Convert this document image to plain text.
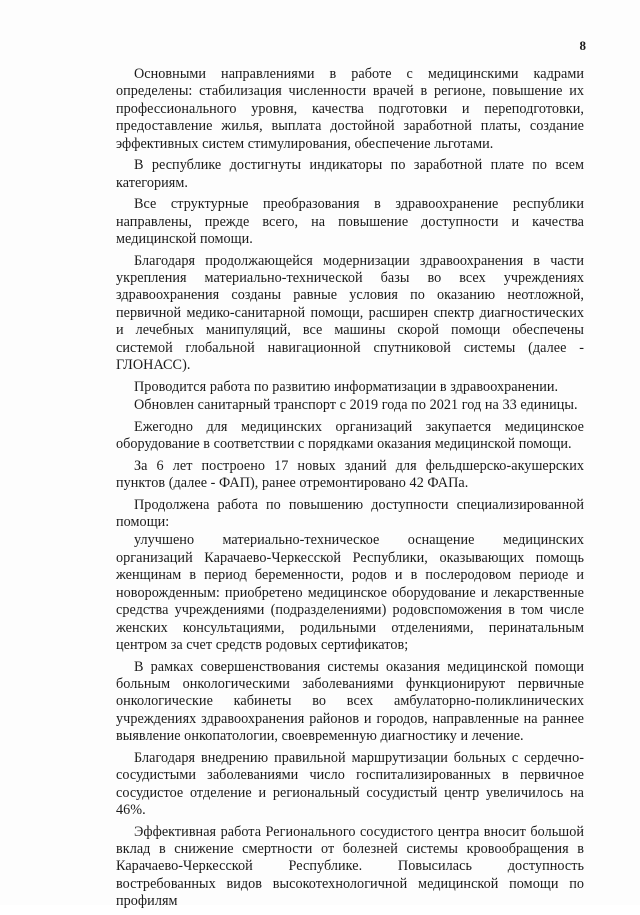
8

Основными направлениями в работе с медицинскими кадрами определены: стабилизация численности врачей в регионе, повышение их профессионального уровня, качества подготовки и переподготовки, предоставление жилья, выплата достойной заработной платы, создание эффективных систем стимулирования, обеспечение льготами.

В республике достигнуты индикаторы по заработной плате по всем категориям.

Все структурные преобразования в здравоохранение республики направлены, прежде всего, на повышение доступности и качества медицинской помощи.

Благодаря продолжающейся модернизации здравоохранения в части укрепления материально-технической базы во всех учреждениях здравоохранения созданы равные условия по оказанию неотложной, первичной медико-санитарной помощи, расширен спектр диагностических и лечебных манипуляций, все машины скорой помощи обеспечены системой глобальной навигационной спутниковой системы (далее - ГЛОНАСС).

Проводится работа по развитию информатизации в здравоохранении.

Обновлен санитарный транспорт с 2019 года по 2021 год на 33 единицы.

Ежегодно для медицинских организаций закупается медицинское оборудование в соответствии с порядками оказания медицинской помощи.

За 6 лет построено 17 новых зданий для фельдшерско-акушерских пунктов (далее - ФАП), ранее отремонтировано 42 ФАПа.

Продолжена работа по повышению доступности специализированной помощи:

улучшено материально-техническое оснащение медицинских организаций Карачаево-Черкесской Республики, оказывающих помощь женщинам в период беременности, родов и в послеродовом периоде и новорожденным: приобретено медицинское оборудование и лекарственные средства учреждениями (подразделениями) родовспоможения в том числе женских консультациями, родильными отделениями, перинатальным центром за счет средств родовых сертификатов;

В рамках совершенствования системы оказания медицинской помощи больным онкологическими заболеваниями функционируют первичные онкологические кабинеты во всех амбулаторно-поликлинических учреждениях здравоохранения районов и городов, направленные на раннее выявление онкопатологии, своевременную диагностику и лечение.

Благодаря внедрению правильной маршрутизации больных с сердечно-сосудистыми заболеваниями число госпитализированных в первичное сосудистое отделение и региональный сосудистый центр увеличилось на 46%.

Эффективная работа Регионального сосудистого центра вносит большой вклад в снижение смертности от болезней системы кровообращения в Карачаево-Черкесской Республике. Повысилась доступность востребованных видов высокотехнологичной медицинской помощи по профилям
